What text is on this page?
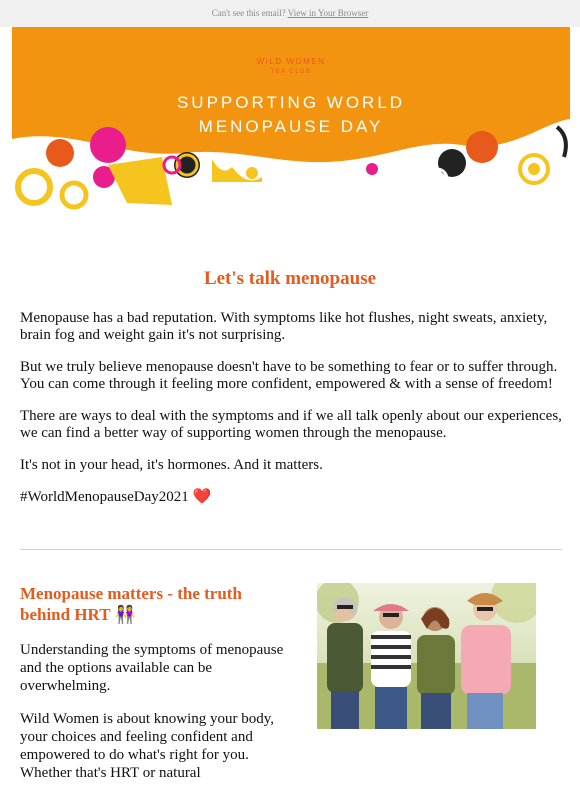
Can't see this email? View in Your Browser
WILD WOMEN
TEA CLUB
SUPPORTING WORLD
MENOPAUSE DAY
Let's talk menopause

Menopause has a bad reputation. With symptoms like hot flushes, night sweats, anxiety, brain fog and weight gain it's not surprising.

But we truly believe menopause doesn't have to be something to fear or to suffer through. You can come through it feeling more confident, empowered & with a sense of freedom!

There are ways to deal with the symptoms and if we all talk openly about our experiences, we can find a better way of supporting women through the menopause.

It's not in your head, it's hormones. And it matters.

#WorldMenopauseDay2021 ❤️

Menopause matters - the truth behind HRT 👭

Understanding the symptoms of menopause and the options available can be overwhelming.

Wild Women is about knowing your body, your choices and feeling confident and empowered to do what's right for you. Whether that's HRT or natural
